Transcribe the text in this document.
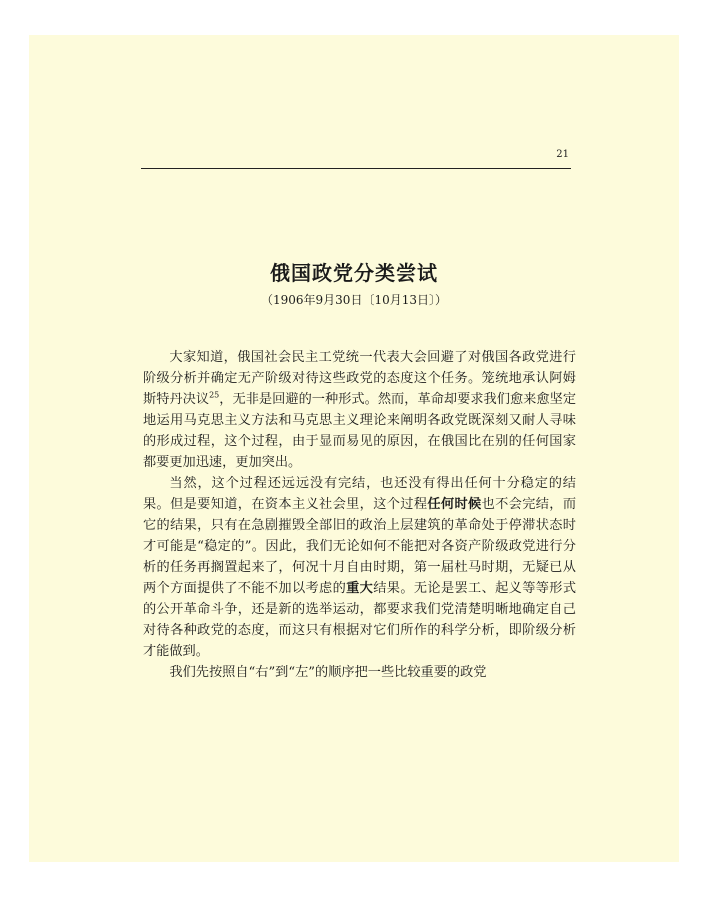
21
俄国政党分类尝试
（1906年9月30日〔10月13日〕）

大家知道，俄国社会民主工党统一代表大会回避了对俄国各政党进行阶级分析并确定无产阶级对待这些政党的态度这个任务。笼统地承认阿姆斯特丹决议$^{25}$，无非是回避的一种形式。然而，革命却要求我们愈来愈坚定地运用马克思主义方法和马克思主义理论来阐明各政党既深刻又耐人寻味的形成过程，这个过程，由于显而易见的原因，在俄国比在别的任何国家都要更加迅速，更加突出。

当然，这个过程还远远没有完结，也还没有得出任何十分稳定的结果。但是要知道，在资本主义社会里，这个过程任何时候也不会完结，而它的结果，只有在急剧摧毁全部旧的政治上层建筑的革命处于停滞状态时才可能是“稳定的”。因此，我们无论如何不能把对各资产阶级政党进行分析的任务再搁置起来了，何况十月自由时期，第一届杜马时期，无疑已从两个方面提供了不能不加以考虑的重大结果。无论是罢工、起义等等形式的公开革命斗争，还是新的选举运动，都要求我们党清楚明晰地确定自己对待各种政党的态度，而这只有根据对它们所作的科学分析，即阶级分析才能做到。

我们先按照自“右”到“左”的顺序把一些比较重要的政党
